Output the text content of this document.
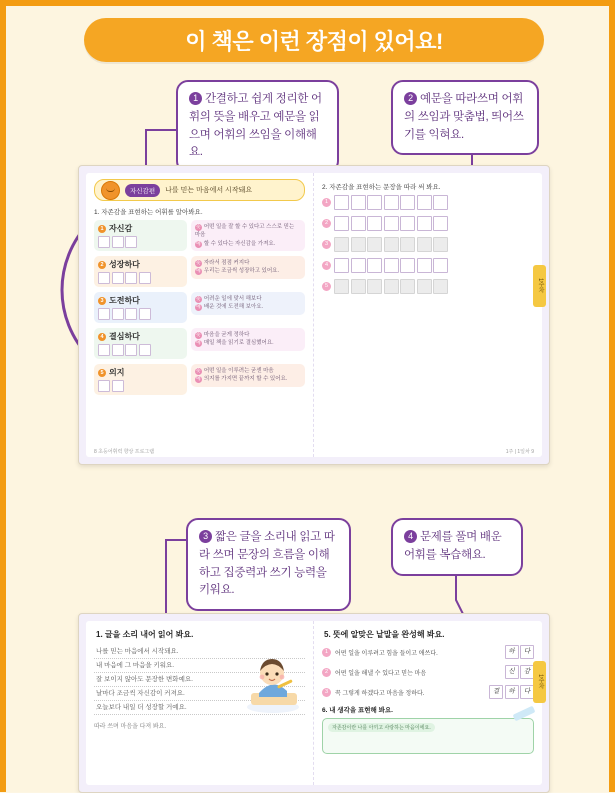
이 책은 이런 장점이 있어요!
1 간결하고 쉽게 정리한 어휘의 뜻을 배우고 예문을 읽으며 어휘의 쓰임을 이해해요.
2 예문을 따라쓰며 어휘의 쓰임과 맞춤법, 띄어쓰기를 익혀요.
3 짧은 글을 소리내 읽고 따라 쓰며 문장의 흐름을 이해하고 집중력과 쓰기 능력을 키워요.
4 문제를 풀며 배운 어휘를 복습해요.
자신감편	나를 믿는 마음에서 시작돼요
1. 자존감을 표현하는 어휘를 알아봐요.
1 자신감	뜻 어떤 일을 잘 할 수 있다고 스스로 믿는 마음
예 할 수 있다는 자신감을 가져요.
2 성장하다	뜻 자라서 점점 커지다
예 우리는 조금씩 성장하고 있어요.
3 도전하다	뜻 어려운 일에 맞서 해보다
예 배운 것에 도전해 보아요.
4 결심하다	뜻 마음을 굳게 정하다
예 매일 책을 읽기로 결심했어요.
5 의지	뜻 어떤 일을 이루려는 굳센 마음
예 의지를 가지면 끝까지 할 수 있어요.
8 초등어휘력 향상 프로그램
2. 자존감을 표현하는 문장을 따라 써 봐요.
1
2
3
4
5	1주차
1주 | 1일차 9
1. 글을 소리 내어 읽어 봐요.
나를 믿는 마음에서 시작돼요.
내 마음에 그 마음을 키워요.
잘 보이지 않아도 문장한 변화예요.
날마다 조금씩 자신감이 커져요.
오늘보다 내일 더 성장할 거예요.
따라 쓰며 마음을 다져 봐요.
5. 뜻에 알맞은 낱말을 완성해 봐요.
1	어떤 일을 이루려고 힘을 들이고 애쓰다.	하	다
2	어떤 일을 해낼 수 있다고 믿는 마음	신	감
3	꼭 그렇게 하겠다고 마음을 정하다.	결	하	다
6. 내 생각을 표현해 봐요.
자존감이란 나를 아끼고 사랑하는 마음이에요.
1주차
